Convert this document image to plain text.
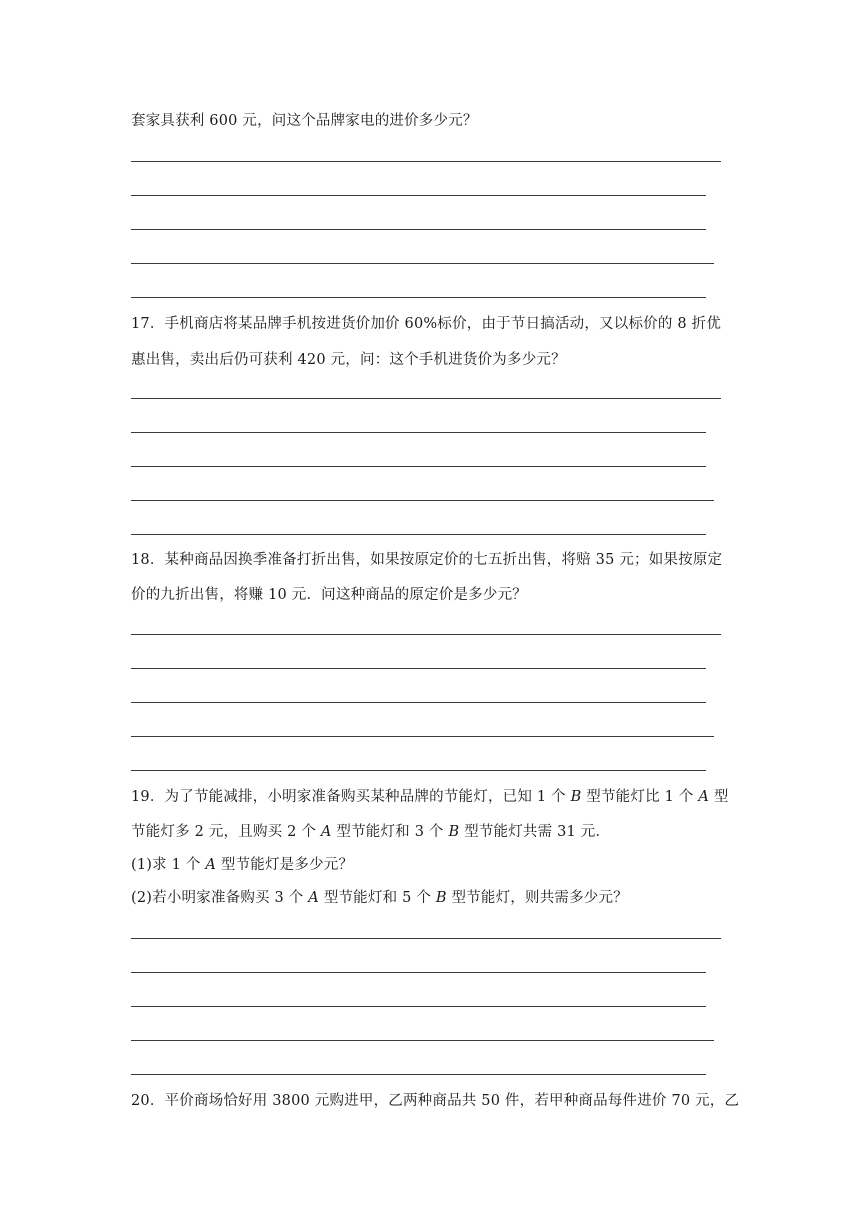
套家具获利 600 元，问这个品牌家电的进价多少元？
17．手机商店将某品牌手机按进货价加价 60%标价，由于节日搞活动，又以标价的 8 折优
惠出售，卖出后仍可获利 420 元，问：这个手机进货价为多少元？
18．某种商品因换季准备打折出售，如果按原定价的七五折出售，将赔 35 元；如果按原定
价的九折出售，将赚 10 元．问这种商品的原定价是多少元？
19．为了节能减排，小明家准备购买某种品牌的节能灯，已知 1 个 B 型节能灯比 1 个 A 型
节能灯多 2 元，且购买 2 个 A 型节能灯和 3 个 B 型节能灯共需 31 元．
(1)求 1 个 A 型节能灯是多少元？
(2)若小明家准备购买 3 个 A 型节能灯和 5 个 B 型节能灯，则共需多少元？
20．平价商场恰好用 3800 元购进甲，乙两种商品共 50 件，若甲种商品每件进价 70 元，乙
